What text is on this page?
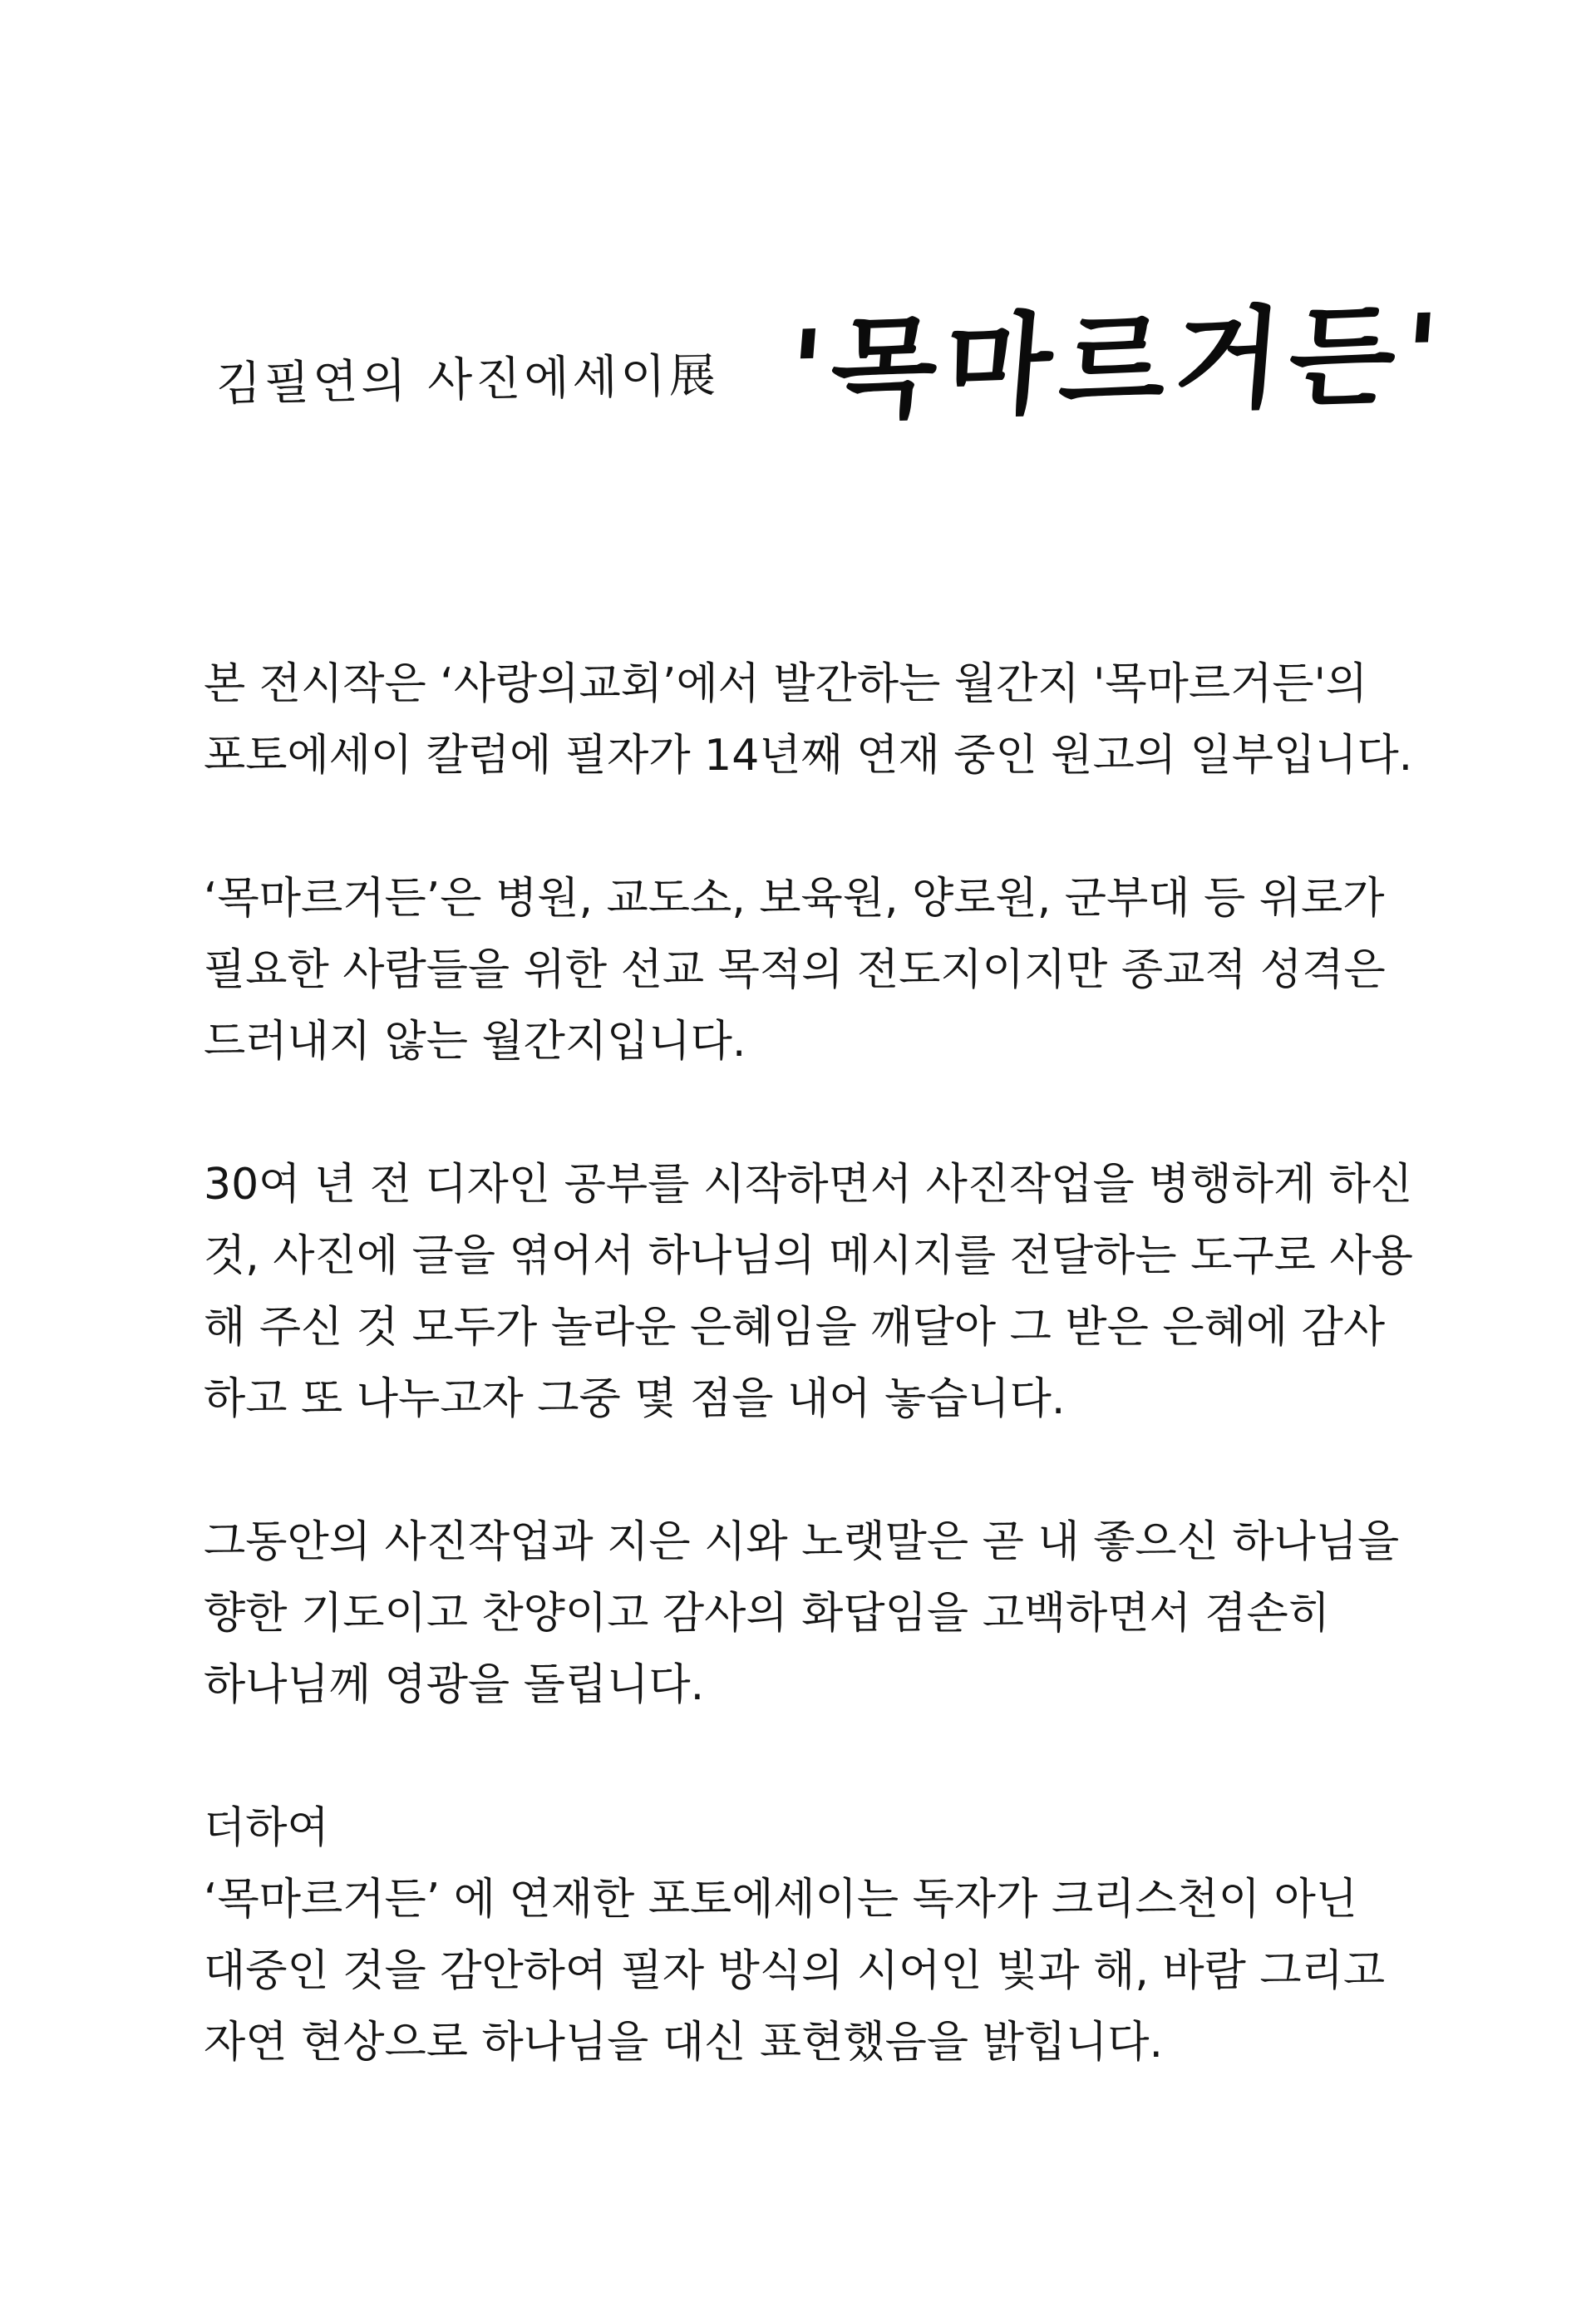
김필연의 사진에세이展 '목마르거든'

본 전시작은 ‘사랑의교회’에서 발간하는 월간지 '목마르거든'의
포토에세이 칼럼에 필자가 14년째 연재 중인 원고의 일부입니다.

‘목마르거든’은 병원, 교도소, 보육원, 양로원, 군부대 등 위로가
필요한 사람들을 위한 선교 목적의 전도지이지만 종교적 성격은
드러내지 않는 월간지입니다.

30여 년 전 디자인 공부를 시작하면서 사진작업을 병행하게 하신
것, 사진에 글을 엮어서 하나님의 메시지를 전달하는 도구로 사용
해 주신 것 모두가 놀라운 은혜임을 깨달아 그 받은 은혜에 감사
하고 또 나누고자 그중 몇 점을 내어 놓습니다.

그동안의 사진작업과 지은 시와 노랫말은 곧 내 좋으신 하나님을
향한 기도이고 찬양이고 감사의 화답임을 고백하면서 겸손히
하나님께 영광을 돌립니다.

더하여
‘목마르거든’ 에 연재한 포토에세이는 독자가 크리스천이 아닌
대중인 것을 감안하여 필자 방식의 시어인 빛과 해, 바람 그리고
자연 현상으로 하나님을 대신 표현했음을 밝힙니다.
